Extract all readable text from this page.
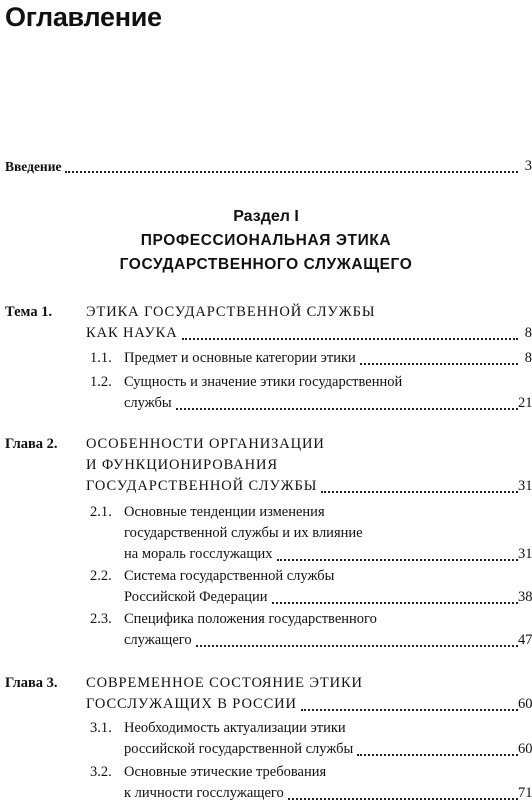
Оглавление
Введение	3
Раздел I
ПРОФЕССИОНАЛЬНАЯ ЭТИКА
ГОСУДАРСТВЕННОГО СЛУЖАЩЕГО
Тема 1. ЭТИКА ГОСУДАРСТВЕННОЙ СЛУЖБЫ
КАК НАУКА	8
1.1. Предмет и основные категории этики	8
1.2. Сущность и значение этики государственной
службы	21
Глава 2. ОСОБЕННОСТИ ОРГАНИЗАЦИИ
И ФУНКЦИОНИРОВАНИЯ
ГОСУДАРСТВЕННОЙ СЛУЖБЫ	31
2.1. Основные тенденции изменения
государственной службы и их влияние
на мораль госслужащих	31
2.2. Система государственной службы
Российской Федерации	38
2.3. Специфика положения государственного
служащего	47
Глава 3. СОВРЕМЕННОЕ СОСТОЯНИЕ ЭТИКИ
ГОССЛУЖАЩИХ В РОССИИ	60
3.1. Необходимость актуализации этики
российской государственной службы	60
3.2. Основные этические требования
к личности госслужащего	71
